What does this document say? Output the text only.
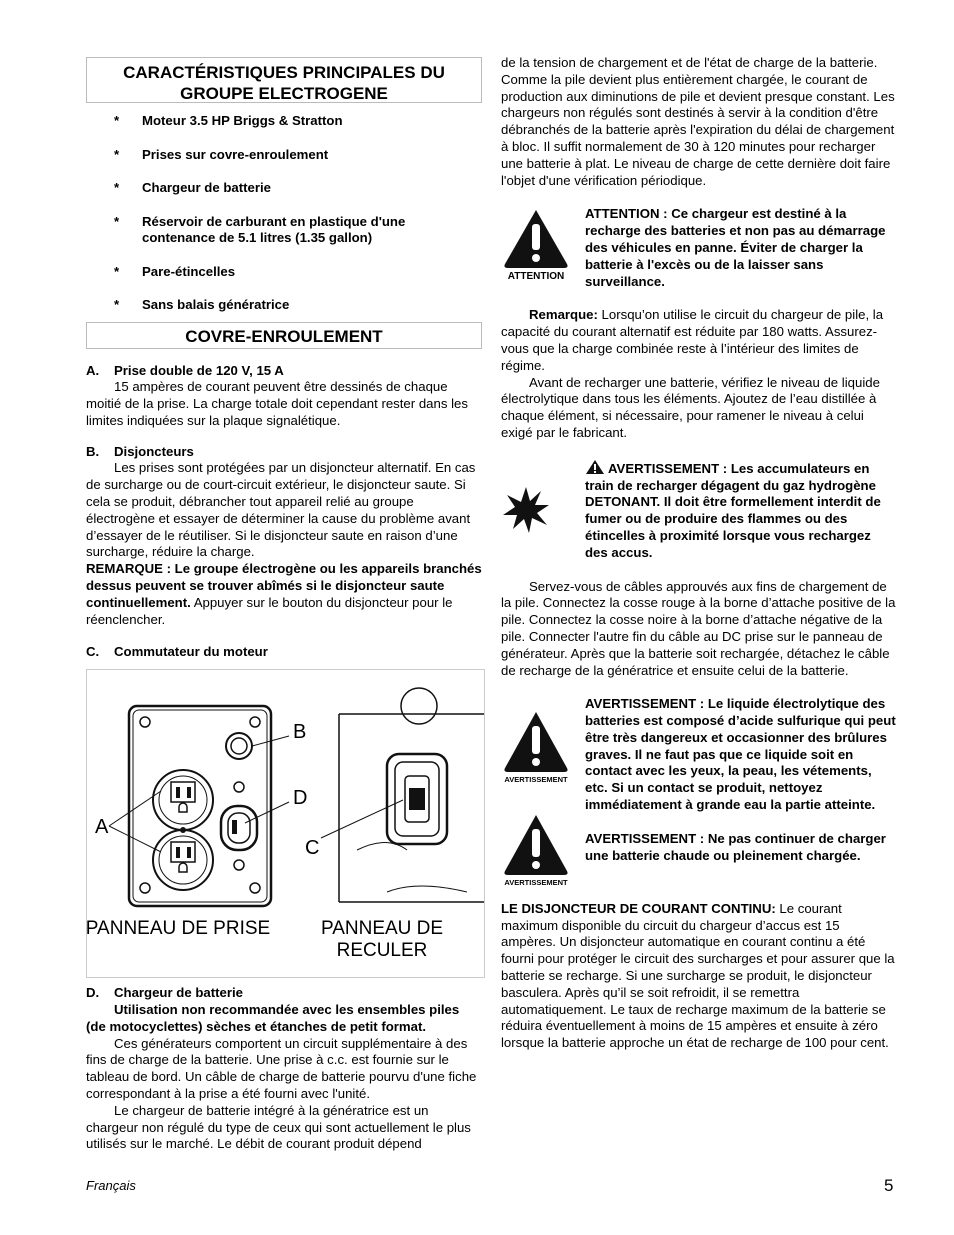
CARACTÉRISTIQUES PRINCIPALES DU GROUPE ELECTROGENE
* Moteur 3.5 HP Briggs & Stratton
* Prises sur covre-enroulement
* Chargeur de batterie
* Réservoir de carburant en plastique d'une contenance de 5.1 litres (1.35 gallon)
* Pare-étincelles
* Sans balais génératrice
COVRE-ENROULEMENT
A. Prise double de 120 V, 15 A

15 ampères de courant peuvent être dessinés de chaque moitié de la prise. La charge totale doit cependant rester dans les limites indiquées sur la plaque signalétique.

B. Disjoncteurs

Les prises sont protégées par un disjoncteur alternatif. En cas de surcharge ou de court-circuit extérieur, le disjoncteur saute. Si cela se produit, débrancher tout appareil relié au groupe électrogène et essayer de déterminer la cause du problème avant d’essayer de le réutiliser. Si le disjoncteur saute en raison d’une surcharge, réduire la charge.

REMARQUE : Le groupe électrogène ou les appareils branchés dessus peuvent se trouver abîmés si le disjoncteur saute continuellement. Appuyer sur le bouton du disjoncteur pour le réenclencher.

C. Commutateur du moteur
A
B
C
D
PANNEAU DE PRISE	PANNEAU DE RECULER
D. Chargeur de batterie

Utilisation non recommandée avec les ensembles piles (de motocyclettes) sèches et étanches de petit format.

Ces générateurs comportent un circuit supplémentaire à des fins de charge de la batterie. Une prise à c.c. est fournie sur le tableau de bord. Un câble de charge de batterie pourvu d'une fiche correspondant à la prise a été fourni avec l'unité.

Le chargeur de batterie intégré à la génératrice est un chargeur non régulé du type de ceux qui sont actuellement le plus utilisés sur le marché. Le débit de courant produit dépend

de la tension de chargement et de l'état de charge de la batterie. Comme la pile devient plus entièrement chargée, le courant de production aux diminutions de pile et devient presque constant. Les chargeurs non régulés sont destinés à servir à la condition d'être débranchés de la batterie après l'expiration du délai de chargement à bloc. Il suffit normalement de 30 à 120 minutes pour recharger une batterie à plat. Le niveau de charge de cette dernière doit faire l'objet d'une vérification périodique.

ATTENTION
ATTENTION : Ce chargeur est destiné à la recharge des batteries et non pas au démarrage des véhicules en panne. Éviter de charger la batterie à l'excès ou de la laisser sans surveillance.

Remarque: Lorsqu’on utilise le circuit du chargeur de pile, la capacité du courant alternatif est réduite par 180 watts. Assurez-vous que la charge combinée reste à l’intérieur des limites de régime.

Avant de recharger une batterie, vérifiez le niveau de liquide électrolytique dans tous les éléments. Ajoutez de l’eau distillée à chaque élément, si nécessaire, pour ramener le niveau à celui exigé par le fabricant.

AVERTISSEMENT : Les accumulateurs en train de recharger dégagent du gaz hydrogène DETONANT. Il doit être formellement interdit de fumer ou de produire des flammes ou des étincelles à proximité lorsque vous rechargez des accus.

Servez-vous de câbles approuvés aux fins de chargement de la pile. Connectez la cosse rouge à la borne d’attache positive de la pile. Connectez la cosse noire à la borne d’attache négative de la pile. Connecter l'autre fin du câble au DC prise sur le panneau de générateur. Après que la batterie soit rechargée, détachez le câble de recharge de la génératrice et ensuite celui de la batterie.

AVERTISSEMENT
AVERTISSEMENT : Le liquide électrolytique des batteries est composé d’acide sulfurique qui peut être très dangereux et occasionner des brûlures graves. Il ne faut pas que ce liquide soit en contact avec les yeux, la peau, les vétements, etc. Si un contact se produit, nettoyez immédiatement à grande eau la partie atteinte.
AVERTISSEMENT
AVERTISSEMENT : Ne pas continuer de charger une batterie chaude ou pleinement chargée.

LE DISJONCTEUR DE COURANT CONTINU: Le courant maximum disponible du circuit du chargeur d’accus est 15 ampères. Un disjoncteur automatique en courant continu a été fourni pour protéger le circuit des surcharges et pour assurer que la batterie se recharge. Si une surcharge se produit, le disjoncteur basculera. Après qu’il se soit refroidit, il se remettra automatiquement. Le taux de recharge maximum de la batterie se réduira éventuellement à moins de 15 ampères et ensuite à zéro lorsque la batterie approche un état de recharge de 100 pour cent.

Français	5
